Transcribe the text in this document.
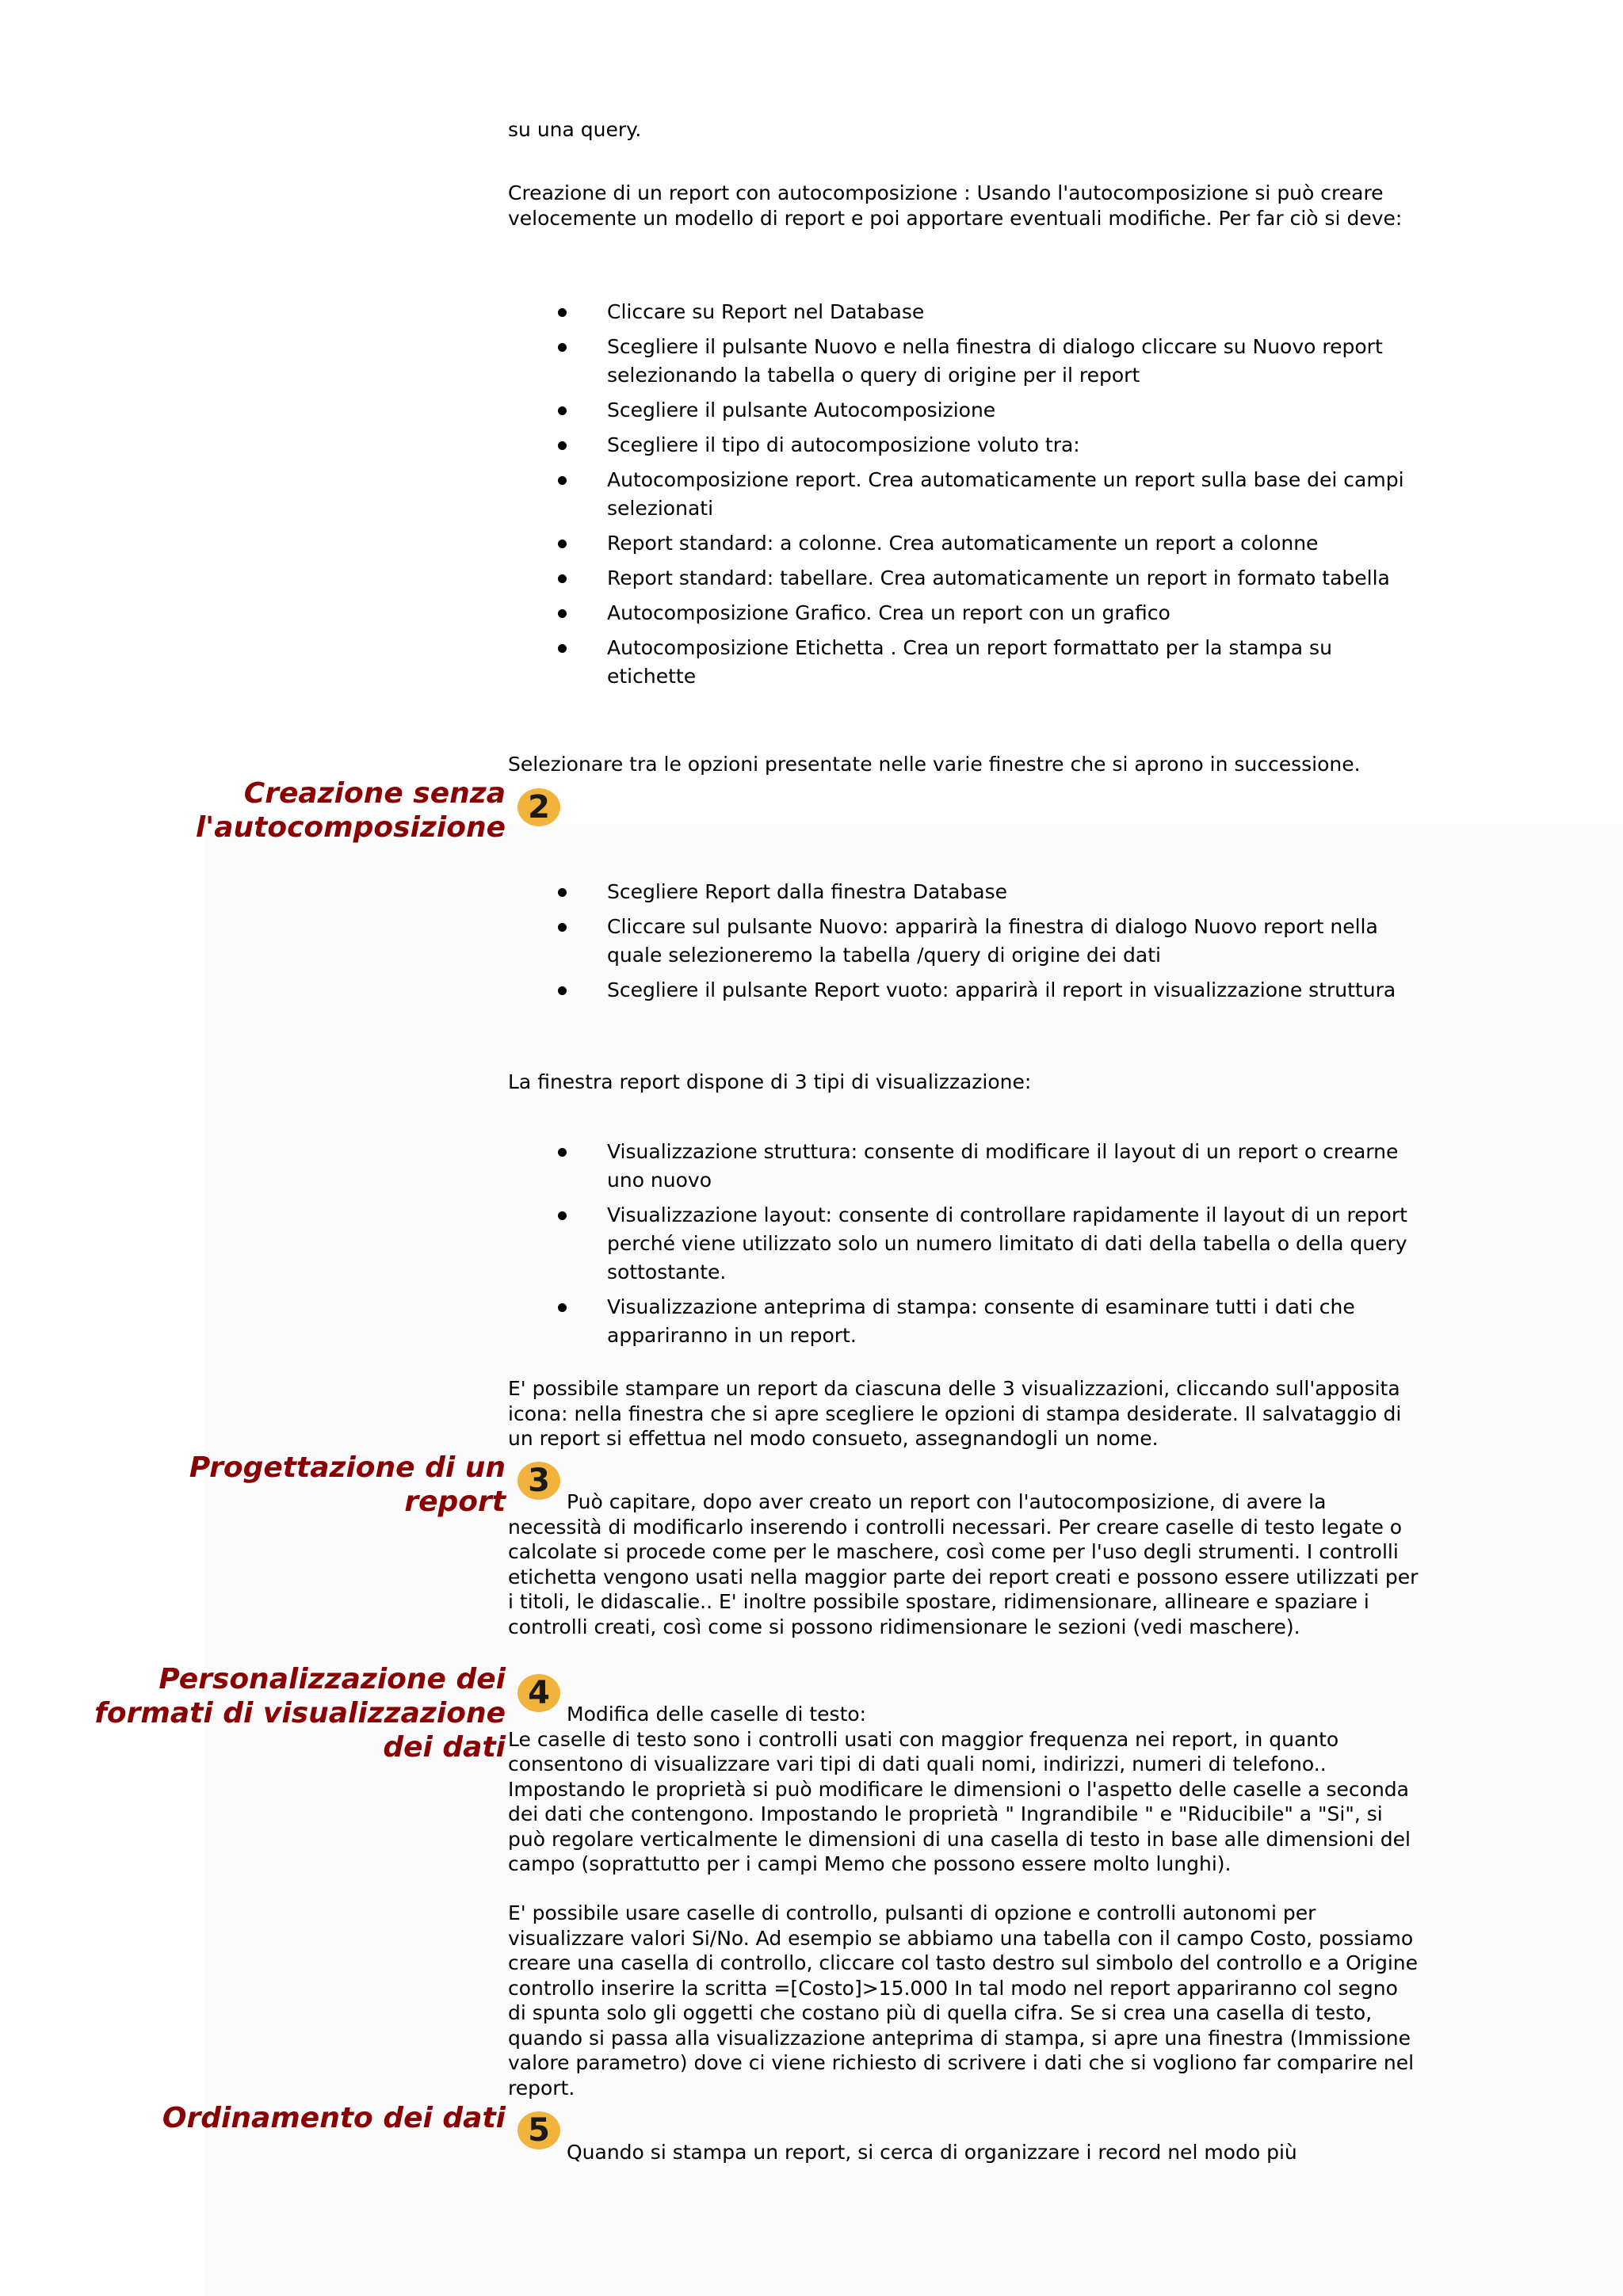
su una query.

Creazione di un report con autocomposizione : Usando l'autocomposizione si può creare velocemente un modello di report e poi apportare eventuali modifiche. Per far ciò si deve:

Cliccare su Report nel Database
Scegliere il pulsante Nuovo e nella finestra di dialogo cliccare su Nuovo report selezionando la tabella o query di origine per il report
Scegliere il pulsante Autocomposizione
Scegliere il tipo di autocomposizione voluto tra:
Autocomposizione report. Crea automaticamente un report sulla base dei campi selezionati
Report standard: a colonne. Crea automaticamente un report a colonne
Report standard: tabellare. Crea automaticamente un report in formato tabella
Autocomposizione Grafico. Crea un report con un grafico
Autocomposizione Etichetta . Crea un report formattato per la stampa su etichette

Selezionare tra le opzioni presentate nelle varie finestre che si aprono in successione.

Creazione senza
l'autocomposizione
2
Scegliere Report dalla finestra Database
Cliccare sul pulsante Nuovo: apparirà la finestra di dialogo Nuovo report nella quale selezioneremo la tabella /query di origine dei dati
Scegliere il pulsante Report vuoto: apparirà il report in visualizzazione struttura

La finestra report dispone di 3 tipi di visualizzazione:

Visualizzazione struttura: consente di modificare il layout di un report o crearne uno nuovo
Visualizzazione layout: consente di controllare rapidamente il layout di un report perché viene utilizzato solo un numero limitato di dati della tabella o della query sottostante.
Visualizzazione anteprima di stampa: consente di esaminare tutti i dati che appariranno in un report.

E' possibile stampare un report da ciascuna delle 3 visualizzazioni, cliccando sull'apposita icona: nella finestra che si apre scegliere le opzioni di stampa desiderate. Il salvataggio di un report si effettua nel modo consueto, assegnandogli un nome.

Progettazione di un
report
3

Può capitare, dopo aver creato un report con l'autocomposizione, di avere la necessità di modificarlo inserendo i controlli necessari. Per creare caselle di testo legate o calcolate si procede come per le maschere, così come per l'uso degli strumenti. I controlli etichetta vengono usati nella maggior parte dei report creati e possono essere utilizzati per i titoli, le didascalie.. E' inoltre possibile spostare, ridimensionare, allineare e spaziare i controlli creati, così come si possono ridimensionare le sezioni (vedi maschere).

Personalizzazione dei
formati di visualizzazione
dei dati
4

Modifica delle caselle di testo:

Le caselle di testo sono i controlli usati con maggior frequenza nei report, in quanto consentono di visualizzare vari tipi di dati quali nomi, indirizzi, numeri di telefono.. Impostando le proprietà si può modificare le dimensioni o l'aspetto delle caselle a seconda dei dati che contengono. Impostando le proprietà " Ingrandibile " e "Riducibile" a "Si", si può regolare verticalmente le dimensioni di una casella di testo in base alle dimensioni del campo (soprattutto per i campi Memo che possono essere molto lunghi).

E' possibile usare caselle di controllo, pulsanti di opzione e controlli autonomi per visualizzare valori Si/No. Ad esempio se abbiamo una tabella con il campo Costo, possiamo creare una casella di controllo, cliccare col tasto destro sul simbolo del controllo e a Origine controllo inserire la scritta =[Costo]>15.000 In tal modo nel report appariranno col segno di spunta solo gli oggetti che costano più di quella cifra. Se si crea una casella di testo, quando si passa alla visualizzazione anteprima di stampa, si apre una finestra (Immissione valore parametro) dove ci viene richiesto di scrivere i dati che si vogliono far comparire nel report.

Ordinamento dei dati 5

Quando si stampa un report, si cerca di organizzare i record nel modo più
